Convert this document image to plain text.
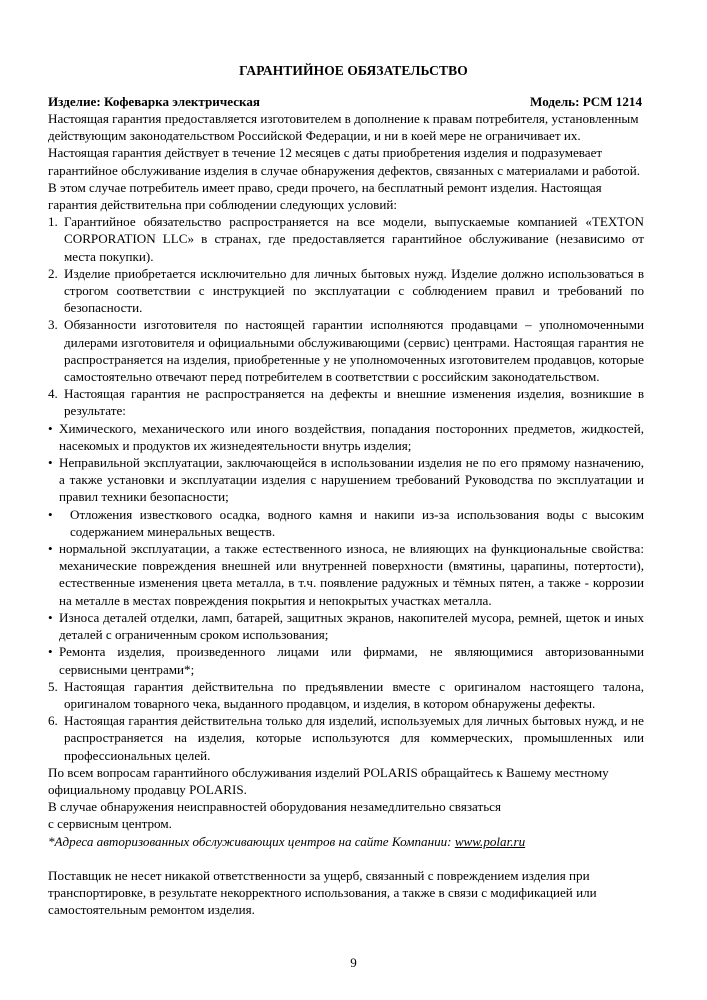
ГАРАНТИЙНОЕ ОБЯЗАТЕЛЬСТВО
Изделие: Кофеварка электрическая	Модель: PCM 1214

Настоящая гарантия предоставляется изготовителем в дополнение к правам потребителя, установленным действующим законодательством Российской Федерации, и ни в коей мере не ограничивает их.

Настоящая гарантия действует в течение 12 месяцев с даты приобретения изделия и подразумевает гарантийное обслуживание изделия в случае обнаружения дефектов, связанных с материалами и работой. В этом случае потребитель имеет право, среди прочего, на бесплатный ремонт изделия. Настоящая гарантия действительна при соблюдении следующих условий:

1. Гарантийное обязательство распространяется на все модели, выпускаемые компанией «TEXTON CORPORATION LLC» в странах, где предоставляется гарантийное обслуживание (независимо от места покупки).
2. Изделие приобретается исключительно для личных бытовых нужд. Изделие должно использоваться в строгом соответствии с инструкцией по эксплуатации с соблюдением правил и требований по безопасности.
3. Обязанности изготовителя по настоящей гарантии исполняются продавцами – уполномоченными дилерами изготовителя и официальными обслуживающими (сервис) центрами. Настоящая гарантия не распространяется на изделия, приобретенные у не уполномоченных изготовителем продавцов, которые самостоятельно отвечают перед потребителем в соответствии с российским законодательством.
4. Настоящая гарантия не распространяется на дефекты и внешние изменения изделия, возникшие в результате:
• Химического, механического или иного воздействия, попадания посторонних предметов, жидкостей, насекомых и продуктов их жизнедеятельности внутрь изделия;
• Неправильной эксплуатации, заключающейся в использовании изделия не по его прямому назначению, а также установки и эксплуатации изделия с нарушением требований Руководства по эксплуатации и правил техники безопасности;
• Отложения известкового осадка, водного камня и накипи из-за использования воды с высоким содержанием минеральных веществ.
• нормальной эксплуатации, а также естественного износа, не влияющих на функциональные свойства: механические повреждения внешней или внутренней поверхности (вмятины, царапины, потертости), естественные изменения цвета металла, в т.ч. появление радужных и тёмных пятен, а также - коррозии на металле в местах повреждения покрытия и непокрытых участках металла.
• Износа деталей отделки, ламп, батарей, защитных экранов, накопителей мусора, ремней, щеток и иных деталей с ограниченным сроком использования;
• Ремонта изделия, произведенного лицами или фирмами, не являющимися авторизованными сервисными центрами*;
5. Настоящая гарантия действительна по предъявлении вместе с оригиналом настоящего талона, оригиналом товарного чека, выданного продавцом, и изделия, в котором обнаружены дефекты.
6. Настоящая гарантия действительна только для изделий, используемых для личных бытовых нужд, и не распространяется на изделия, которые используются для коммерческих, промышленных или профессиональных целей.

По всем вопросам гарантийного обслуживания изделий POLARIS обращайтесь к Вашему местному официальному продавцу POLARIS.

В случае обнаружения неисправностей оборудования незамедлительно связаться

с сервисным центром.

*Адреса авторизованных обслуживающих центров на сайте Компании: www.polar.ru

Поставщик не несет никакой ответственности за ущерб, связанный с повреждением изделия при транспортировке, в результате некорректного использования, а также в связи с модификацией или самостоятельным ремонтом изделия.

9
